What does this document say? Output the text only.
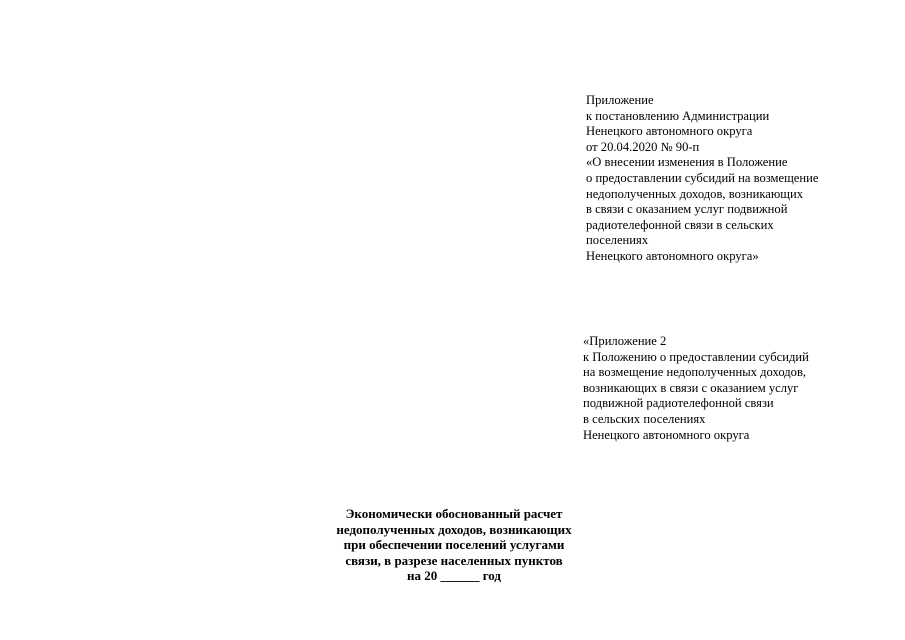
Приложение
к постановлению Администрации
Ненецкого автономного округа
от 20.04.2020 № 90-п
«О внесении изменения в Положение
о предоставлении субсидий на возмещение
недополученных доходов, возникающих
в связи с оказанием услуг подвижной
радиотелефонной связи в сельских
поселениях
Ненецкого автономного округа»
«Приложение 2
к Положению о предоставлении субсидий
на возмещение недополученных доходов,
возникающих в связи с оказанием услуг
подвижной радиотелефонной связи
в сельских поселениях
Ненецкого автономного округа
Экономически обоснованный расчет
недополученных доходов, возникающих
при обеспечении поселений услугами
связи, в разрезе населенных пунктов
на 20 ______ год
